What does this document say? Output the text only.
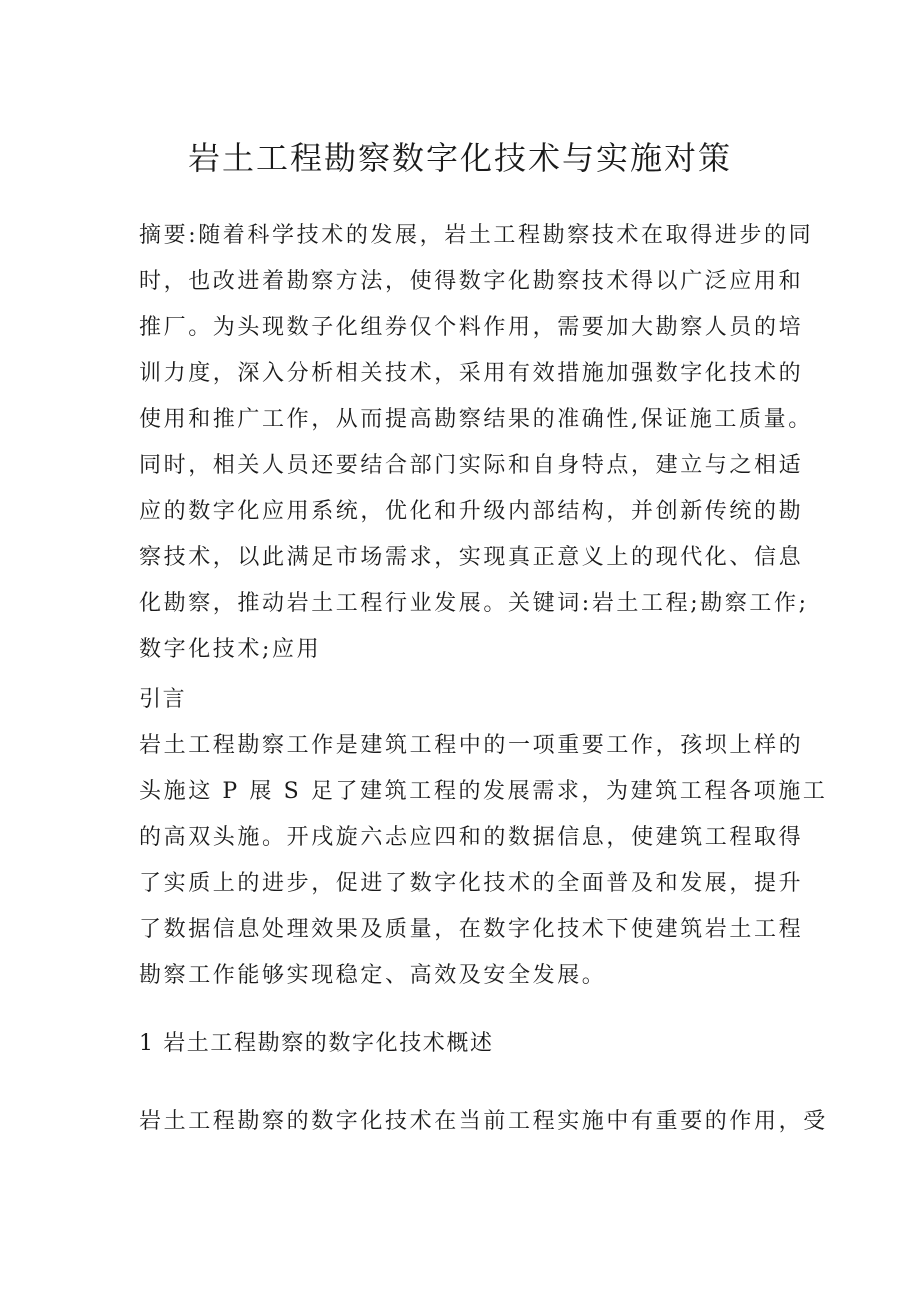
岩土工程勘察数字化技术与实施对策

摘要:随着科学技术的发展，岩土工程勘察技术在取得进步的同

时，也改进着勘察方法，使得数字化勘察技术得以广泛应用和

推厂。为头现数子化组券仅个料作用，需要加大勘察人员的培

训力度，深入分析相关技术，采用有效措施加强数字化技术的

使用和推广工作，从而提高勘察结果的准确性,保证施工质量。

同时，相关人员还要结合部门实际和自身特点，建立与之相适

应的数字化应用系统，优化和升级内部结构，并创新传统的勘

察技术，以此满足市场需求，实现真正意义上的现代化、信息

化勘察，推动岩土工程行业发展。关键词:岩土工程;勘察工作;

数字化技术;应用

引言

岩土工程勘察工作是建筑工程中的一项重要工作，孩坝上样的

头施这 P 展 S 足了建筑工程的发展需求，为建筑工程各项施工

的高双头施。开戌旋六忐应四和的数据信息，使建筑工程取得

了实质上的进步，促进了数字化技术的全面普及和发展，提升

了数据信息处理效果及质量，在数字化技术下使建筑岩土工程

勘察工作能够实现稳定、高效及安全发展。

1 岩土工程勘察的数字化技术概述

岩土工程勘察的数字化技术在当前工程实施中有重要的作用，受
